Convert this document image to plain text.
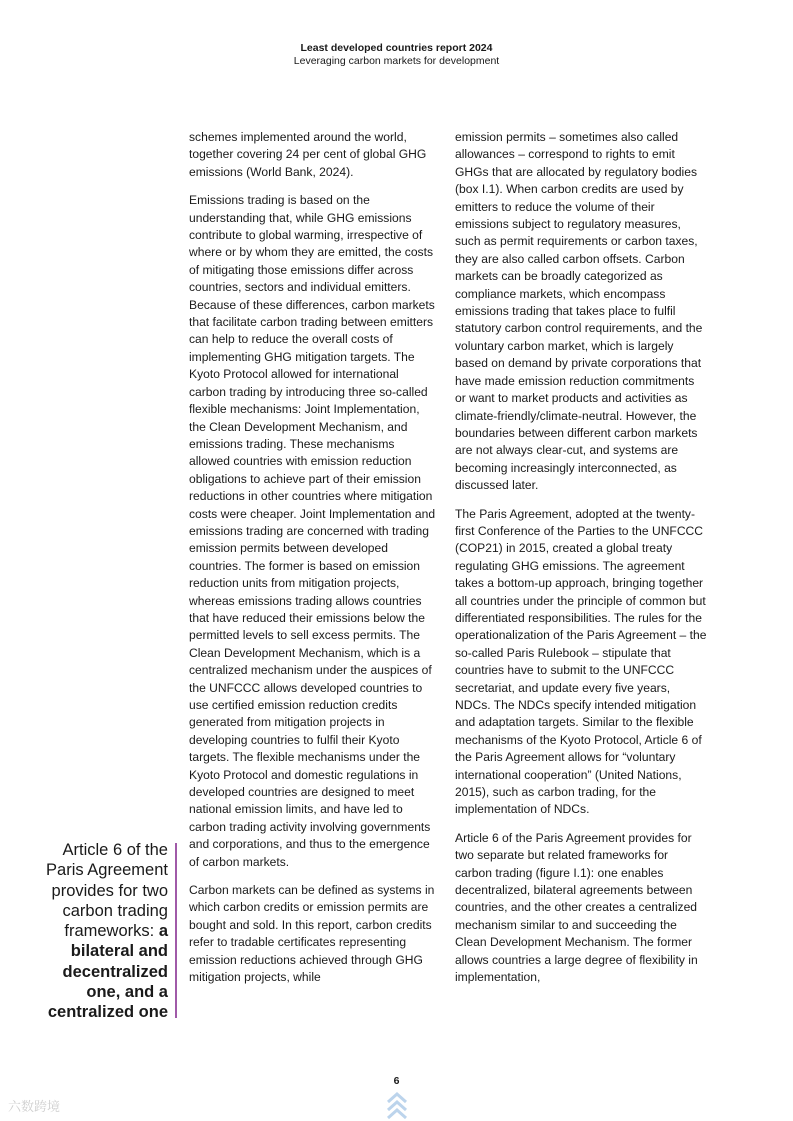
Least developed countries report 2024
Leveraging carbon markets for development
Article 6 of the Paris Agreement provides for two carbon trading frameworks: a bilateral and decentralized one, and a centralized one

schemes implemented around the world, together covering 24 per cent of global GHG emissions (World Bank, 2024).

Emissions trading is based on the understanding that, while GHG emissions contribute to global warming, irrespective of where or by whom they are emitted, the costs of mitigating those emissions differ across countries, sectors and individual emitters. Because of these differences, carbon markets that facilitate carbon trading between emitters can help to reduce the overall costs of implementing GHG mitigation targets. The Kyoto Protocol allowed for international carbon trading by introducing three so-called flexible mechanisms: Joint Implementation, the Clean Development Mechanism, and emissions trading. These mechanisms allowed countries with emission reduction obligations to achieve part of their emission reductions in other countries where mitigation costs were cheaper. Joint Implementation and emissions trading are concerned with trading emission permits between developed countries. The former is based on emission reduction units from mitigation projects, whereas emissions trading allows countries that have reduced their emissions below the permitted levels to sell excess permits. The Clean Development Mechanism, which is a centralized mechanism under the auspices of the UNFCCC allows developed countries to use certified emission reduction credits generated from mitigation projects in developing countries to fulfil their Kyoto targets. The flexible mechanisms under the Kyoto Protocol and domestic regulations in developed countries are designed to meet national emission limits, and have led to carbon trading activity involving governments and corporations, and thus to the emergence of carbon markets.

Carbon markets can be defined as systems in which carbon credits or emission permits are bought and sold. In this report, carbon credits refer to tradable certificates representing emission reductions achieved through GHG mitigation projects, while

emission permits – sometimes also called allowances – correspond to rights to emit GHGs that are allocated by regulatory bodies (box I.1). When carbon credits are used by emitters to reduce the volume of their emissions subject to regulatory measures, such as permit requirements or carbon taxes, they are also called carbon offsets. Carbon markets can be broadly categorized as compliance markets, which encompass emissions trading that takes place to fulfil statutory carbon control requirements, and the voluntary carbon market, which is largely based on demand by private corporations that have made emission reduction commitments or want to market products and activities as climate-friendly/climate-neutral. However, the boundaries between different carbon markets are not always clear-cut, and systems are becoming increasingly interconnected, as discussed later.

The Paris Agreement, adopted at the twenty-first Conference of the Parties to the UNFCCC (COP21) in 2015, created a global treaty regulating GHG emissions. The agreement takes a bottom-up approach, bringing together all countries under the principle of common but differentiated responsibilities. The rules for the operationalization of the Paris Agreement – the so-called Paris Rulebook – stipulate that countries have to submit to the UNFCCC secretariat, and update every five years, NDCs. The NDCs specify intended mitigation and adaptation targets. Similar to the flexible mechanisms of the Kyoto Protocol, Article 6 of the Paris Agreement allows for “voluntary international cooperation” (United Nations, 2015), such as carbon trading, for the implementation of NDCs.

Article 6 of the Paris Agreement provides for two separate but related frameworks for carbon trading (figure I.1): one enables decentralized, bilateral agreements between countries, and the other creates a centralized mechanism similar to and succeeding the Clean Development Mechanism. The former allows countries a large degree of flexibility in implementation,

6
六数跨境
